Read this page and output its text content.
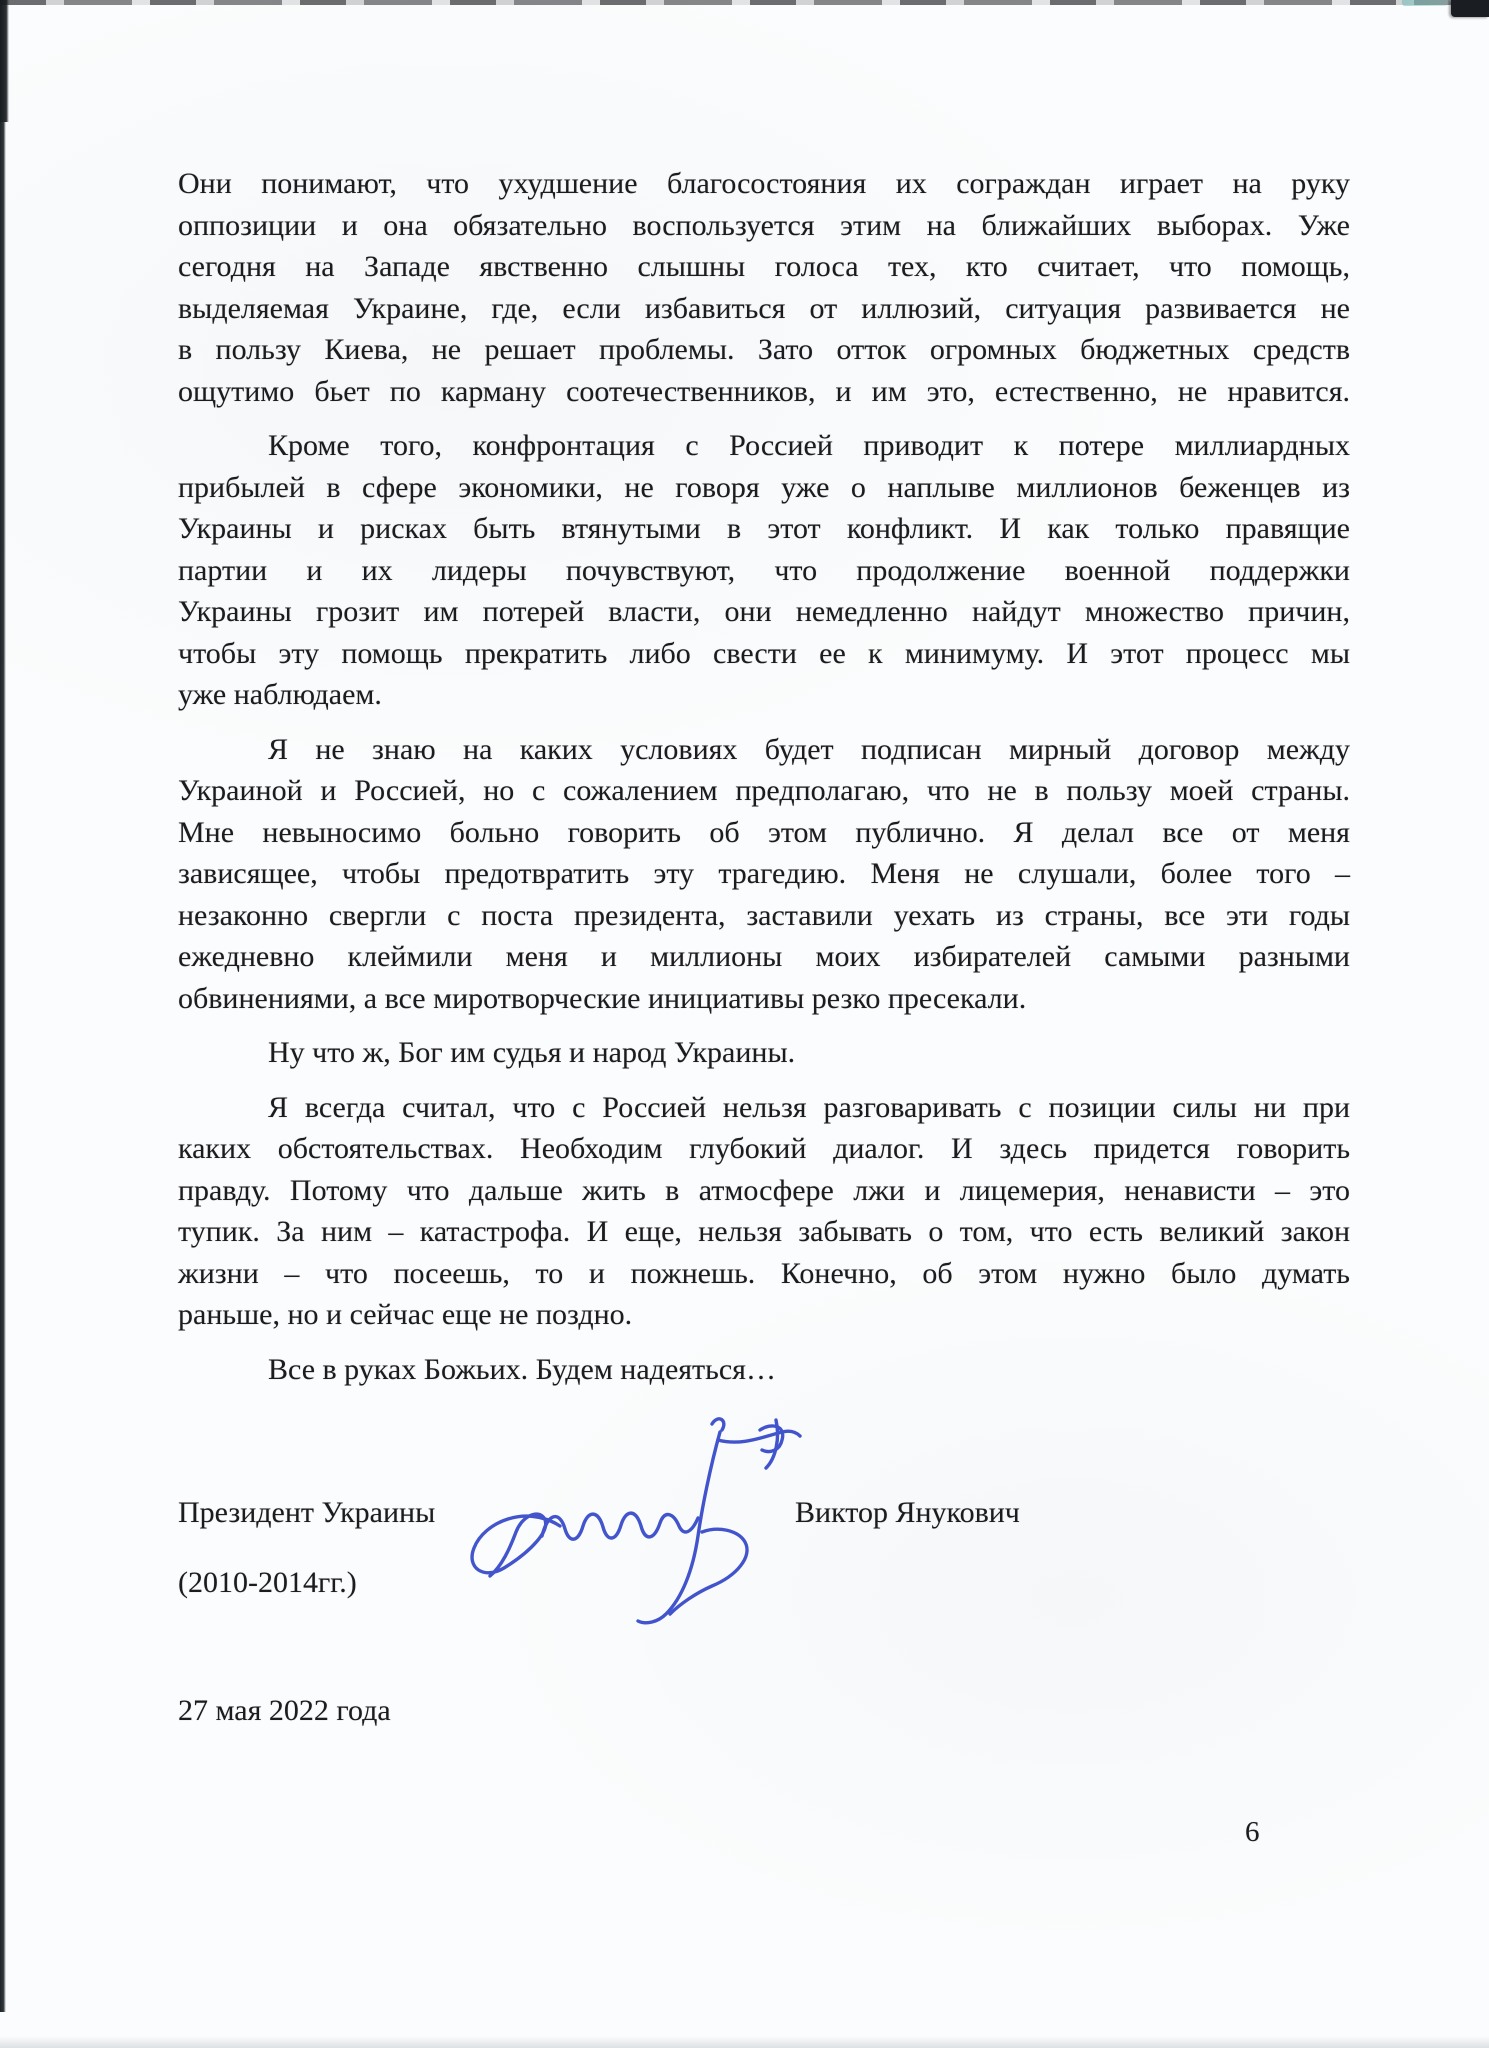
Они понимают, что ухудшение благосостояния их сограждан играет на руку
оппозиции и она обязательно воспользуется этим на ближайших выборах. Уже
сегодня на Западе явственно слышны голоса тех, кто считает, что помощь,
выделяемая Украине, где, если избавиться от иллюзий, ситуация развивается не
в пользу Киева, не решает проблемы. Зато отток огромных бюджетных средств
ощутимо бьет по карману соотечественников, и им это, естественно, не нравится.
Кроме того, конфронтация с Россией приводит к потере миллиардных
прибылей в сфере экономики, не говоря уже о наплыве миллионов беженцев из
Украины и рисках быть втянутыми в этот конфликт. И как только правящие
партии и их лидеры почувствуют, что продолжение военной поддержки
Украины грозит им потерей власти, они немедленно найдут множество причин,
чтобы эту помощь прекратить либо свести ее к минимуму. И этот процесс мы
уже наблюдаем.
Я не знаю на каких условиях будет подписан мирный договор между
Украиной и Россией, но с сожалением предполагаю, что не в пользу моей страны.
Мне невыносимо больно говорить об этом публично. Я делал все от меня
зависящее, чтобы предотвратить эту трагедию. Меня не слушали, более того –
незаконно свергли с поста президента, заставили уехать из страны, все эти годы
ежедневно клеймили меня и миллионы моих избирателей самыми разными
обвинениями, а все миротворческие инициативы резко пресекали.
Ну что ж, Бог им судья и народ Украины.
Я всегда считал, что с Россией нельзя разговаривать с позиции силы ни при
каких обстоятельствах. Необходим глубокий диалог. И здесь придется говорить
правду. Потому что дальше жить в атмосфере лжи и лицемерия, ненависти – это
тупик. За ним – катастрофа. И еще, нельзя забывать о том, что есть великий закон
жизни – что посеешь, то и пожнешь. Конечно, об этом нужно было думать
раньше, но и сейчас еще не поздно.
Все в руках Божьих. Будем надеяться…
Президент Украины	Виктор Янукович
(2010-2014гг.)
27 мая 2022 года
6
